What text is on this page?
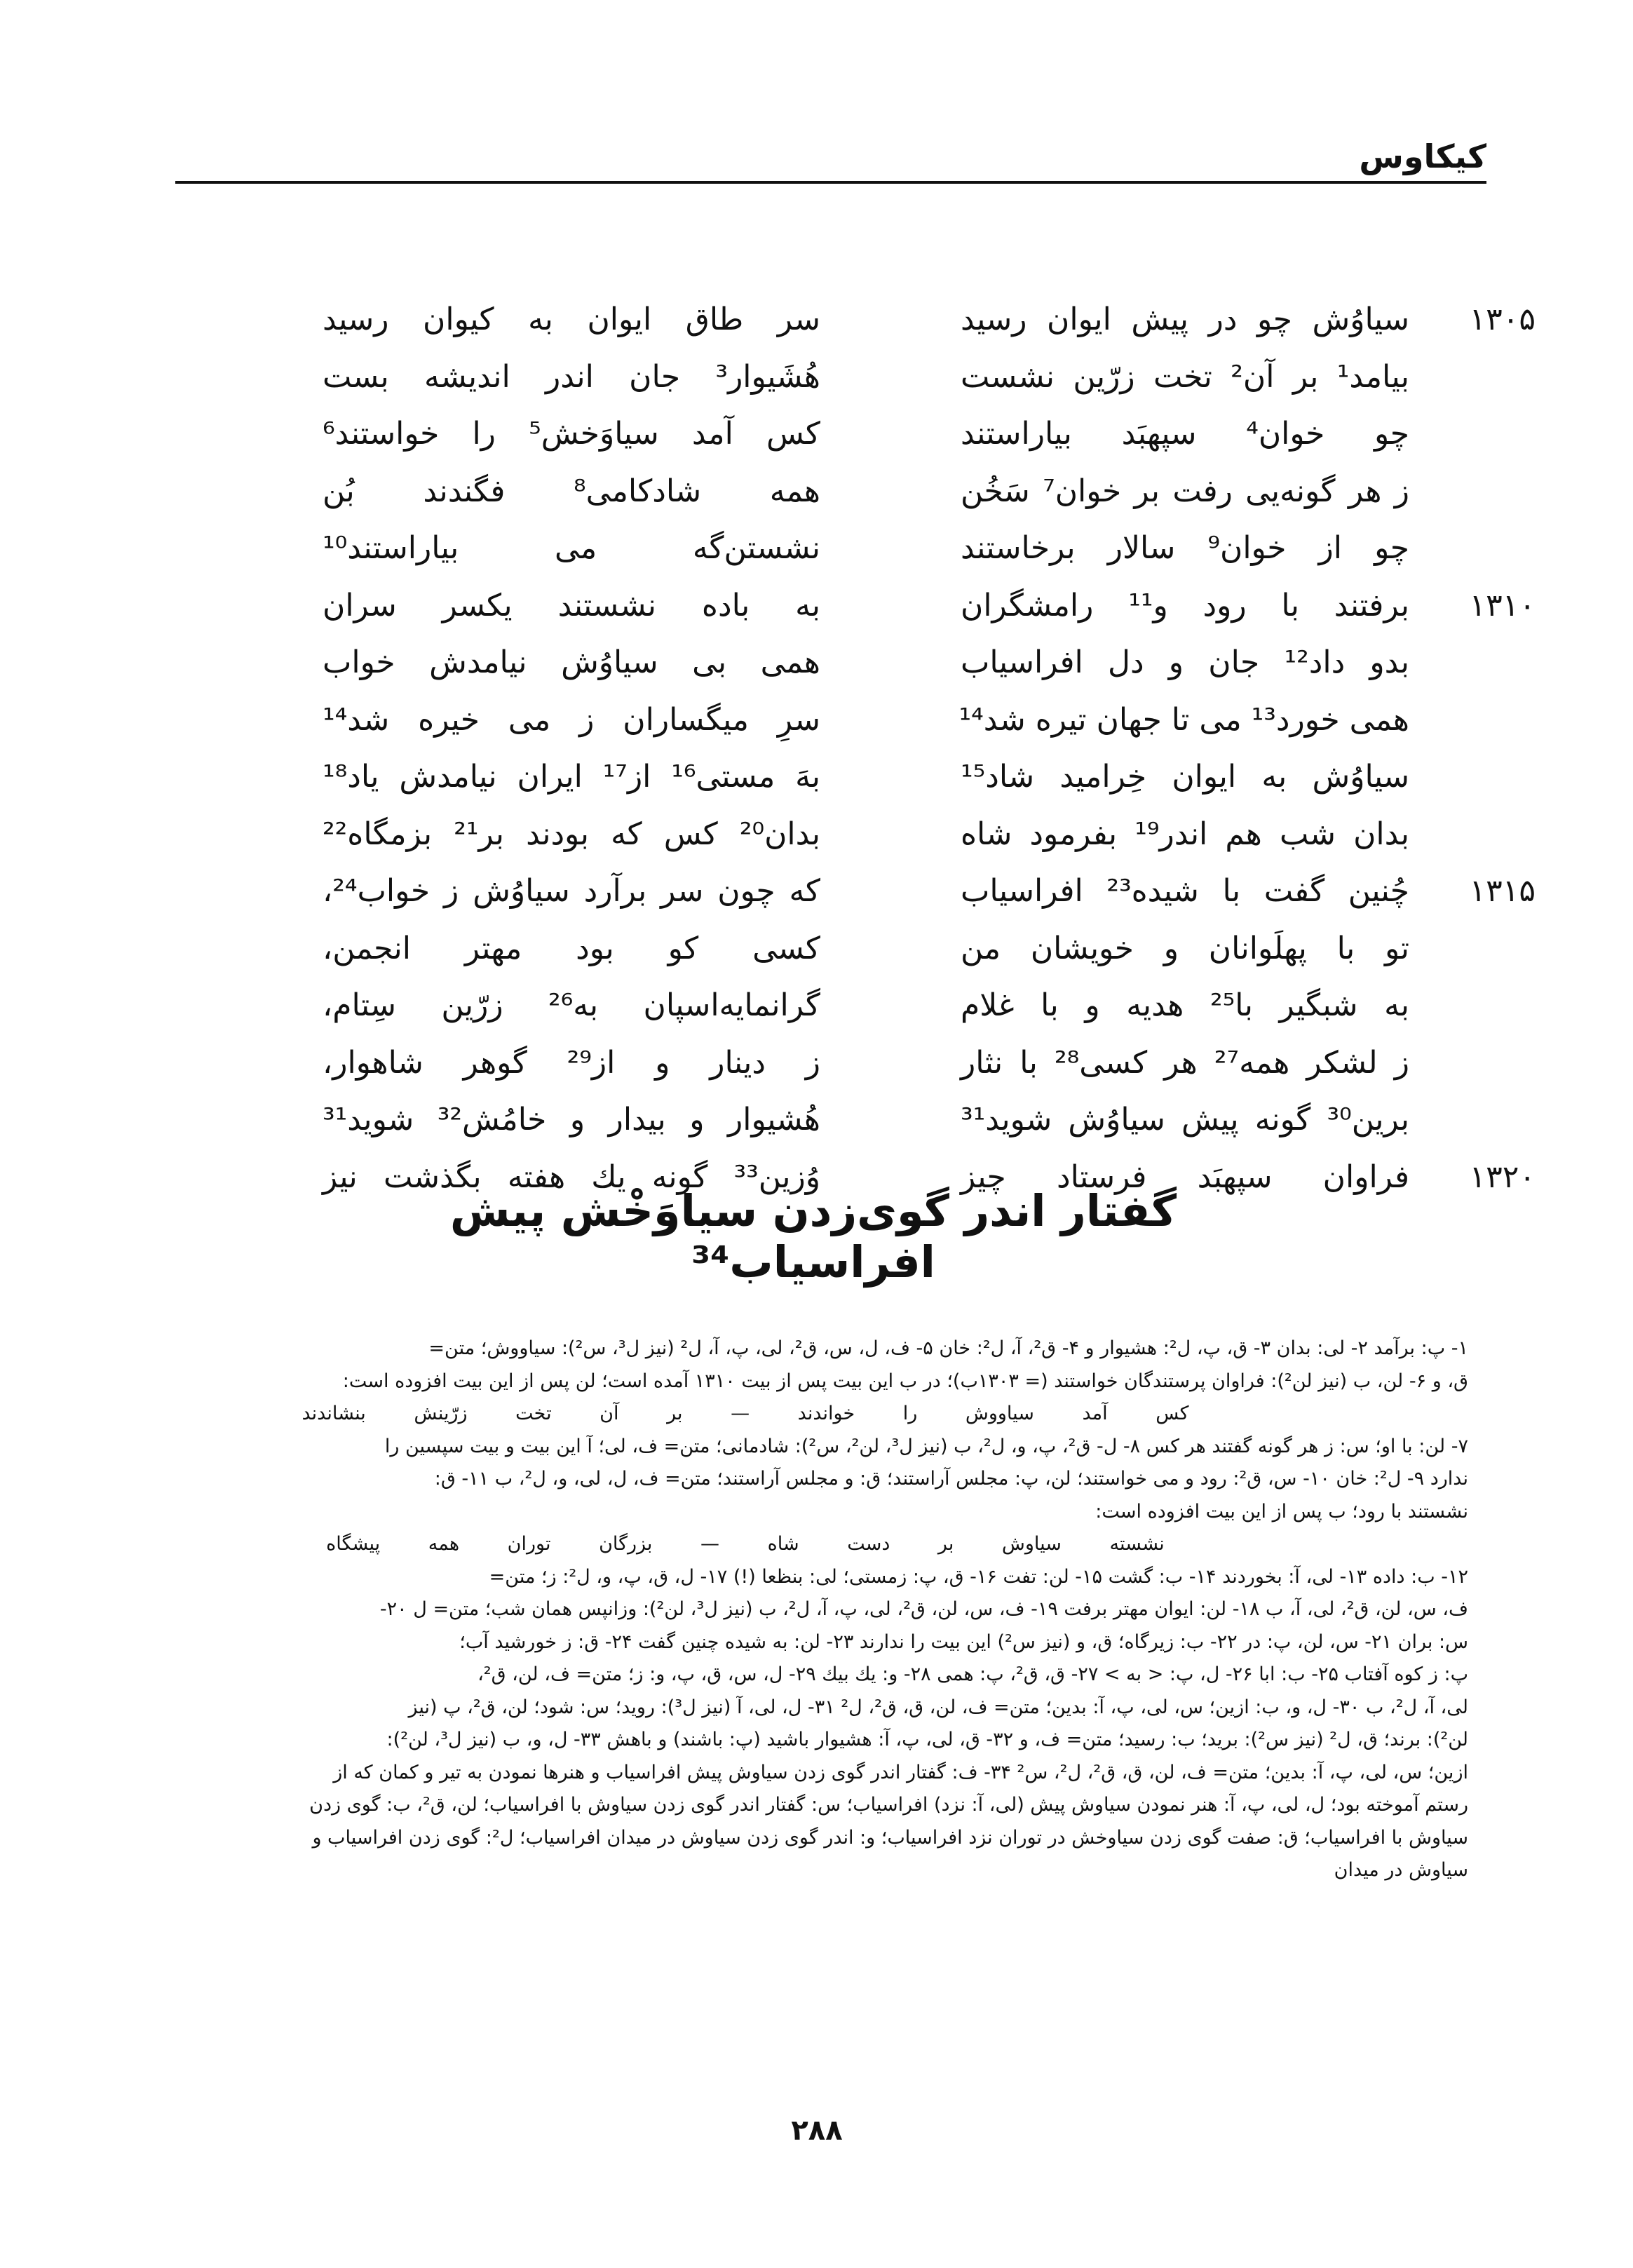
کیکاوس
۱۳۰۵
سیاوُش چو در پیش ایوان رسید
سر طاق ایوان به کیوان رسید
بیامد¹ بر آن² تخت زرّین نشست
هُشَیوار³ جان اندر اندیشه بست
چو خوان⁴ سپهبَد بیاراستند
کس آمد سیاوَخش⁵ را خواستند⁶
ز هر گونه‌یی رفت بر خوان⁷ سَخُن
همه شادکامی⁸ فگندند بُن
چو از خوان⁹ سالار برخاستند
نشستن‌گه می بیاراستند¹⁰
۱۳۱۰
برفتند با رود و¹¹ رامشگران
به باده نشستند یکسر سران
بدو داد¹² جان و دل افراسیاب
همی بی سیاوُش نیامدش خواب
همی خورد¹³ می تا جهان تیره شد¹⁴
سرِ میگساران ز می خیره شد¹⁴
سیاوُش به ایوان خِرامید شاد¹⁵
بهَ مستی¹⁶ از¹⁷ ایران نیامدش یاد¹⁸
بدان شب هم اندر¹⁹ بفرمود شاه
بدان²⁰ کس که بودند بر²¹ بزمگاه²²
۱۳۱۵
چُنین گفت با شیده²³ افراسیاب
که چون سر برآرد سیاوُش ز خواب²⁴،
تو با پهلَوانان و خویشان من
کسی کو بود مهتر انجمن،
به شبگیر با²⁵ هدیه و با غلام
گرانمایه‌اسپان به²⁶ زرّین سِتام،
ز لشکر همه²⁷ هر کسی²⁸ با نثار
ز دینار و از²⁹ گوهر شاهوار،
برین³⁰ گونه پیش سیاوُش شوید³¹
هُشیوار و بیدار و خامُش³² شوید³¹
۱۳۲۰
فراوان سپهبَد فرستاد چیز
وُزین³³ گونه یك هفته بگذشت نیز
گفتار اندر گوی‌زدن سیاوَخْش پیش افراسیاب³⁴
۱- پ: برآمد ۲- لی: بدان ۳- ق، پ، ل²: هشیوار و ۴- ق²، آ، ل²: خان ۵- ف، ل، س، ق²، لی، پ، آ، ل² (نیز ل³، س²): سیاووش؛ متن=
ق، و ۶- لن، ب (نیز لن²): فراوان پرستندگان خواستند (= ۱۳۰۳ب)؛ در ب این بیت پس از بیت ۱۳۱۰ آمده است؛ لن پس از این بیت افزوده است:
کس آمد سیاووش را خواندند — بر آن تخت زرّینش بنشاندند
۷- لن: با او؛ س: ز هر گونه گفتند هر کس ۸- ل- ق²، پ، و، ل²، ب (نیز ل³، لن²، س²): شادمانی؛ متن= ف، لی؛ آ این بیت و بیت سپسین را
ندارد ۹- ل²: خان ۱۰- س، ق²: رود و می خواستند؛ لن، پ: مجلس آراستند؛ ق: و مجلس آراستند؛ متن= ف، ل، لی، و، ل²، ب ۱۱- ق:
نشستند با رود؛ ب پس از این بیت افزوده است:
نشسته سیاوش بر دست شاه — بزرگان توران همه پیشگاه
۱۲- ب: داده ۱۳- لی، آ: بخوردند ۱۴- ب: گشت ۱۵- لن: تفت ۱۶- ق، پ: زمستی؛ لی: بنظعا (!) ۱۷- ل، ق، پ، و، ل²: ز؛ متن=
ف، س، لن، ق²، لی، آ، ب ۱۸- لن: ایوان مهتر برفت ۱۹- ف، س، لن، ق²، لی، پ، آ، ل²، ب (نیز ل³، لن²): وزانپس همان شب؛ متن= ل ۲۰-
س: بران ۲۱- س، لن، پ: در ۲۲- ب: زیرگاه؛ ق، و (نیز س²) این بیت را ندارند ۲۳- لن: به شیده چنین گفت ۲۴- ق: ز خورشید آب؛
پ: ز کوه آفتاب ۲۵- ب: ابا ۲۶- ل، پ: < به > ۲۷- ق، ق²، پ: همی ۲۸- و: یك بیك ۲۹- ل، س، ق، پ، و: ز؛ متن= ف، لن، ق²،
لی، آ، ل²، ب ۳۰- ل، و، ب: ازین؛ س، لی، پ، آ: بدین؛ متن= ف، لن، ق، ق²، ل² ۳۱- ل، لی، آ (نیز ل³): روید؛ س: شود؛ لن، ق²، پ (نیز
لن²): برند؛ ق، ل² (نیز س²): برید؛ ب: رسید؛ متن= ف، و ۳۲- ق، لی، پ، آ: هشیوار باشید (پ: باشند) و باهش ۳۳- ل، و، ب (نیز ل³، لن²):
ازین؛ س، لی، پ، آ: بدین؛ متن= ف، لن، ق، ق²، ل²، س² ۳۴- ف: گفتار اندر گوی زدن سیاوش پیش افراسیاب و هنرها نمودن به تیر و کمان که از
رستم آموخته بود؛ ل، لی، پ، آ: هنر نمودن سیاوش پیش (لی، آ: نزد) افراسیاب؛ س: گفتار اندر گوی زدن سیاوش با افراسیاب؛ لن، ق²، ب: گوی زدن
سیاوش با افراسیاب؛ ق: صفت گوی زدن سیاوخش در توران نزد افراسیاب؛ و: اندر گوی زدن سیاوش در میدان افراسیاب؛ ل²: گوی زدن افراسیاب و
سیاوش در میدان
۲۸۸
